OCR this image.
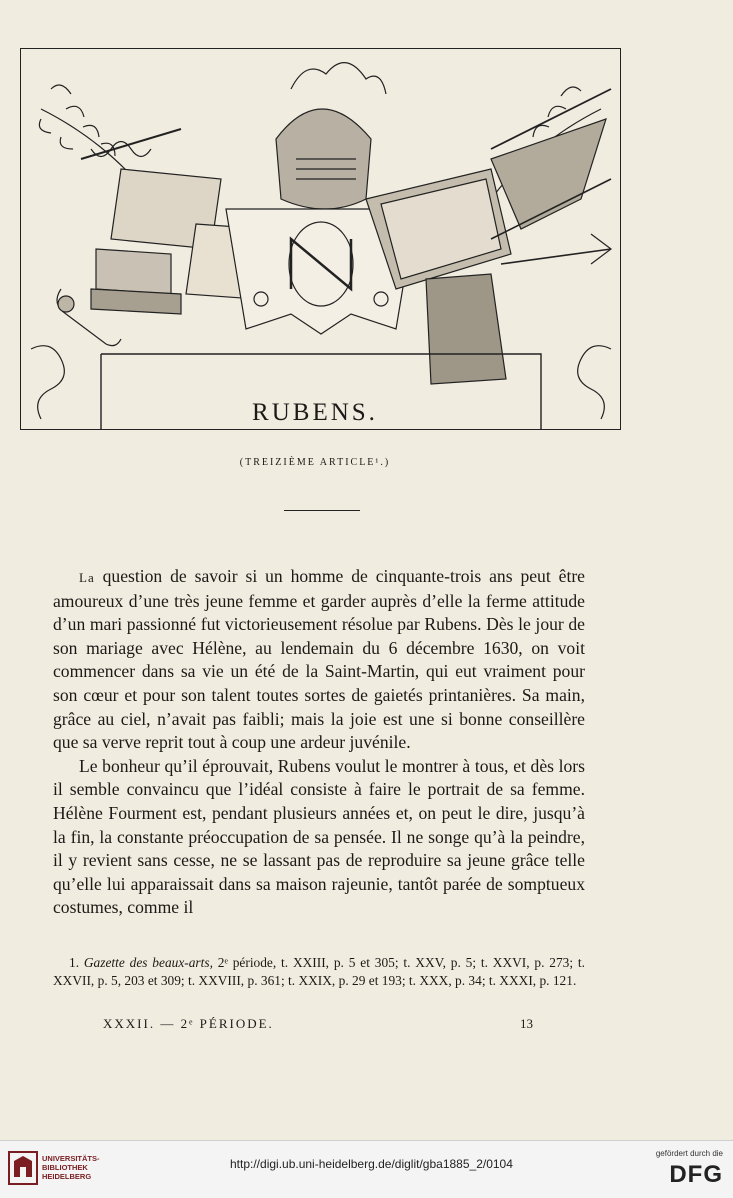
RUBENS.
(TREIZIÈME ARTICLE¹.)

La question de savoir si un homme de cinquante-trois ans peut être amoureux d’une très jeune femme et garder auprès d’elle la ferme attitude d’un mari passionné fut victorieusement résolue par Rubens. Dès le jour de son mariage avec Hélène, au lendemain du 6 décembre 1630, on voit commencer dans sa vie un été de la Saint-Martin, qui eut vraiment pour son cœur et pour son talent toutes sortes de gaietés printanières. Sa main, grâce au ciel, n’avait pas faibli; mais la joie est une si bonne conseillère que sa verve reprit tout à coup une ardeur juvénile.

Le bonheur qu’il éprouvait, Rubens voulut le montrer à tous, et dès lors il semble convaincu que l’idéal consiste à faire le portrait de sa femme. Hélène Fourment est, pendant plusieurs années et, on peut le dire, jusqu’à la fin, la constante préoccupation de sa pensée. Il ne songe qu’à la peindre, il y revient sans cesse, ne se lassant pas de reproduire sa jeune grâce telle qu’elle lui apparaissait dans sa maison rajeunie, tantôt parée de somptueux costumes, comme il

1. Gazette des beaux-arts, 2ᵉ période, t. XXIII, p. 5 et 305; t. XXV, p. 5; t. XXVI, p. 273; t. XXVII, p. 5, 203 et 309; t. XXVIII, p. 361; t. XXIX, p. 29 et 193; t. XXX, p. 34; t. XXXI, p. 121.

XXXII. — 2ᵉ PÉRIODE.	13
UNIVERSITÄTS-
BIBLIOTHEK
HEIDELBERG
http://digi.ub.uni-heidelberg.de/diglit/gba1885_2/0104
gefördert durch die
DFG
